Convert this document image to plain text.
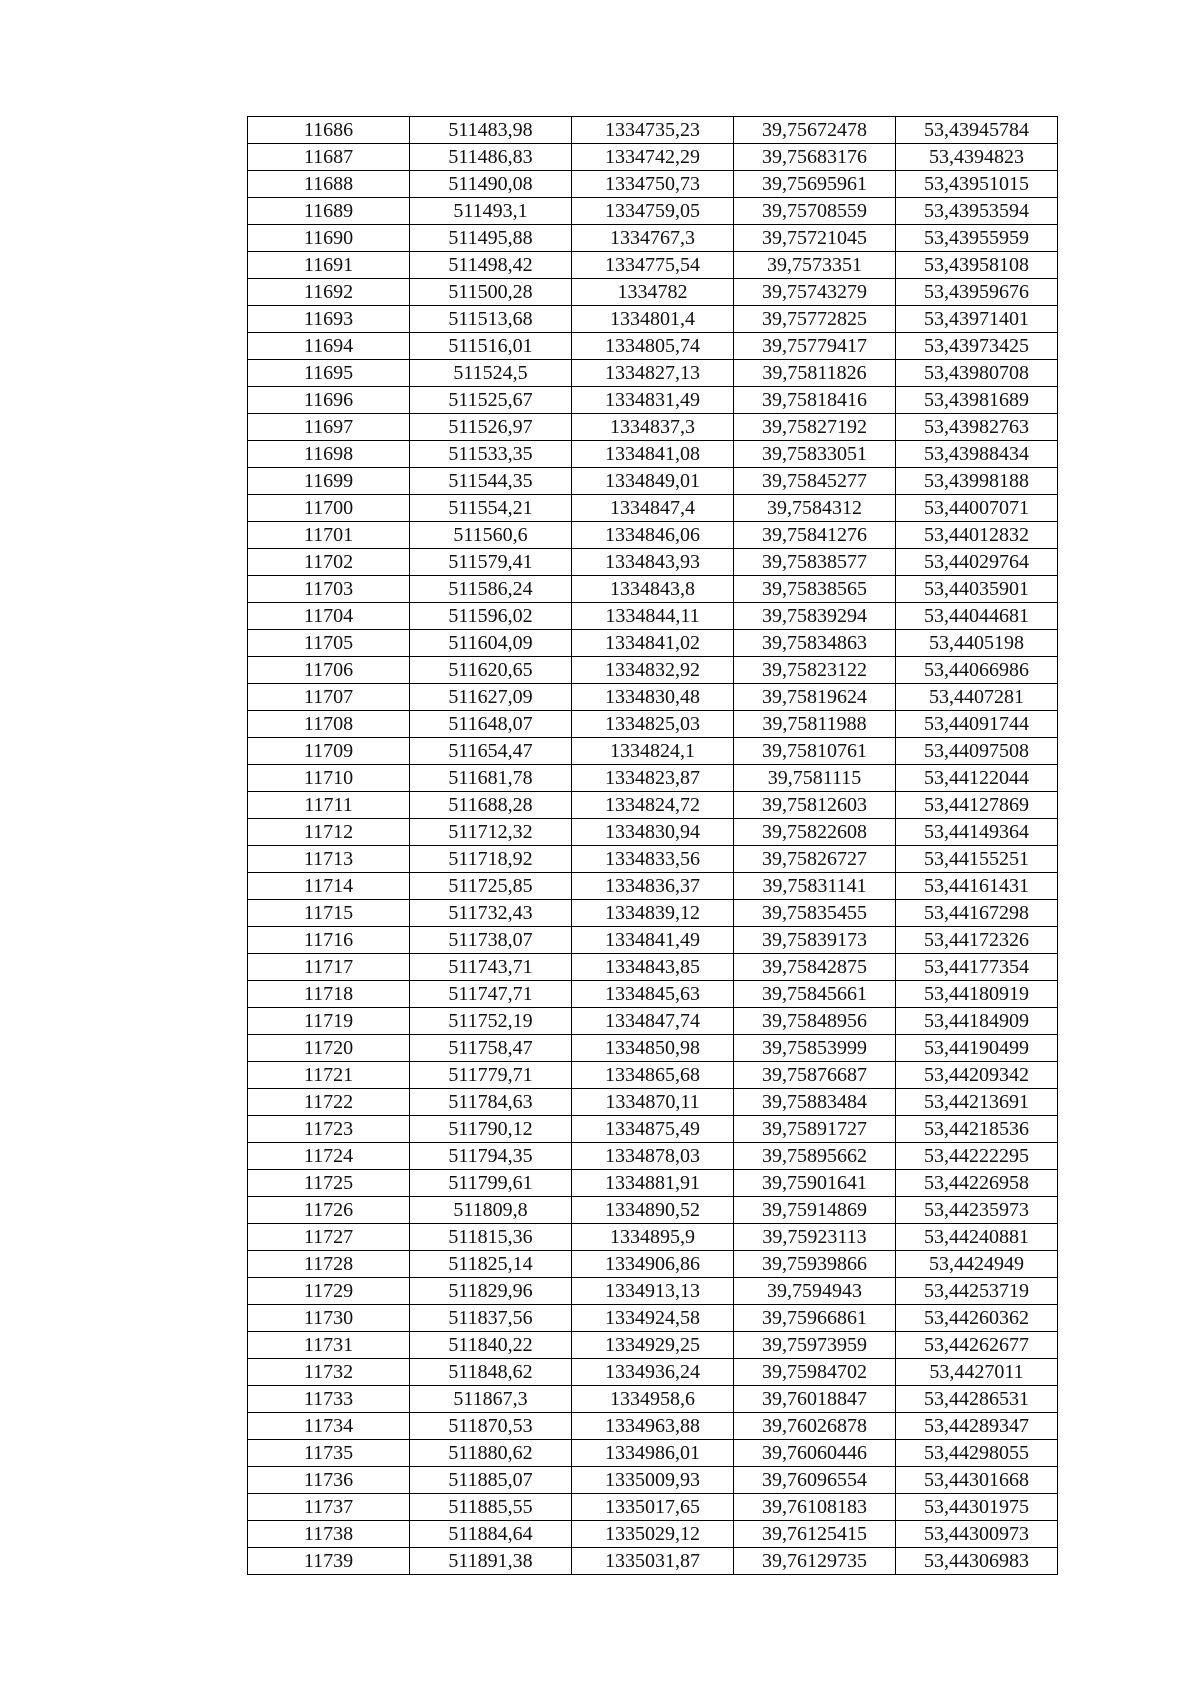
11686	511483,98	1334735,23	39,75672478	53,43945784
11687	511486,83	1334742,29	39,75683176	53,4394823
11688	511490,08	1334750,73	39,75695961	53,43951015
11689	511493,1	1334759,05	39,75708559	53,43953594
11690	511495,88	1334767,3	39,75721045	53,43955959
11691	511498,42	1334775,54	39,7573351	53,43958108
11692	511500,28	1334782	39,75743279	53,43959676
11693	511513,68	1334801,4	39,75772825	53,43971401
11694	511516,01	1334805,74	39,75779417	53,43973425
11695	511524,5	1334827,13	39,75811826	53,43980708
11696	511525,67	1334831,49	39,75818416	53,43981689
11697	511526,97	1334837,3	39,75827192	53,43982763
11698	511533,35	1334841,08	39,75833051	53,43988434
11699	511544,35	1334849,01	39,75845277	53,43998188
11700	511554,21	1334847,4	39,7584312	53,44007071
11701	511560,6	1334846,06	39,75841276	53,44012832
11702	511579,41	1334843,93	39,75838577	53,44029764
11703	511586,24	1334843,8	39,75838565	53,44035901
11704	511596,02	1334844,11	39,75839294	53,44044681
11705	511604,09	1334841,02	39,75834863	53,4405198
11706	511620,65	1334832,92	39,75823122	53,44066986
11707	511627,09	1334830,48	39,75819624	53,4407281
11708	511648,07	1334825,03	39,75811988	53,44091744
11709	511654,47	1334824,1	39,75810761	53,44097508
11710	511681,78	1334823,87	39,7581115	53,44122044
11711	511688,28	1334824,72	39,75812603	53,44127869
11712	511712,32	1334830,94	39,75822608	53,44149364
11713	511718,92	1334833,56	39,75826727	53,44155251
11714	511725,85	1334836,37	39,75831141	53,44161431
11715	511732,43	1334839,12	39,75835455	53,44167298
11716	511738,07	1334841,49	39,75839173	53,44172326
11717	511743,71	1334843,85	39,75842875	53,44177354
11718	511747,71	1334845,63	39,75845661	53,44180919
11719	511752,19	1334847,74	39,75848956	53,44184909
11720	511758,47	1334850,98	39,75853999	53,44190499
11721	511779,71	1334865,68	39,75876687	53,44209342
11722	511784,63	1334870,11	39,75883484	53,44213691
11723	511790,12	1334875,49	39,75891727	53,44218536
11724	511794,35	1334878,03	39,75895662	53,44222295
11725	511799,61	1334881,91	39,75901641	53,44226958
11726	511809,8	1334890,52	39,75914869	53,44235973
11727	511815,36	1334895,9	39,75923113	53,44240881
11728	511825,14	1334906,86	39,75939866	53,4424949
11729	511829,96	1334913,13	39,7594943	53,44253719
11730	511837,56	1334924,58	39,75966861	53,44260362
11731	511840,22	1334929,25	39,75973959	53,44262677
11732	511848,62	1334936,24	39,75984702	53,4427011
11733	511867,3	1334958,6	39,76018847	53,44286531
11734	511870,53	1334963,88	39,76026878	53,44289347
11735	511880,62	1334986,01	39,76060446	53,44298055
11736	511885,07	1335009,93	39,76096554	53,44301668
11737	511885,55	1335017,65	39,76108183	53,44301975
11738	511884,64	1335029,12	39,76125415	53,44300973
11739	511891,38	1335031,87	39,76129735	53,44306983
